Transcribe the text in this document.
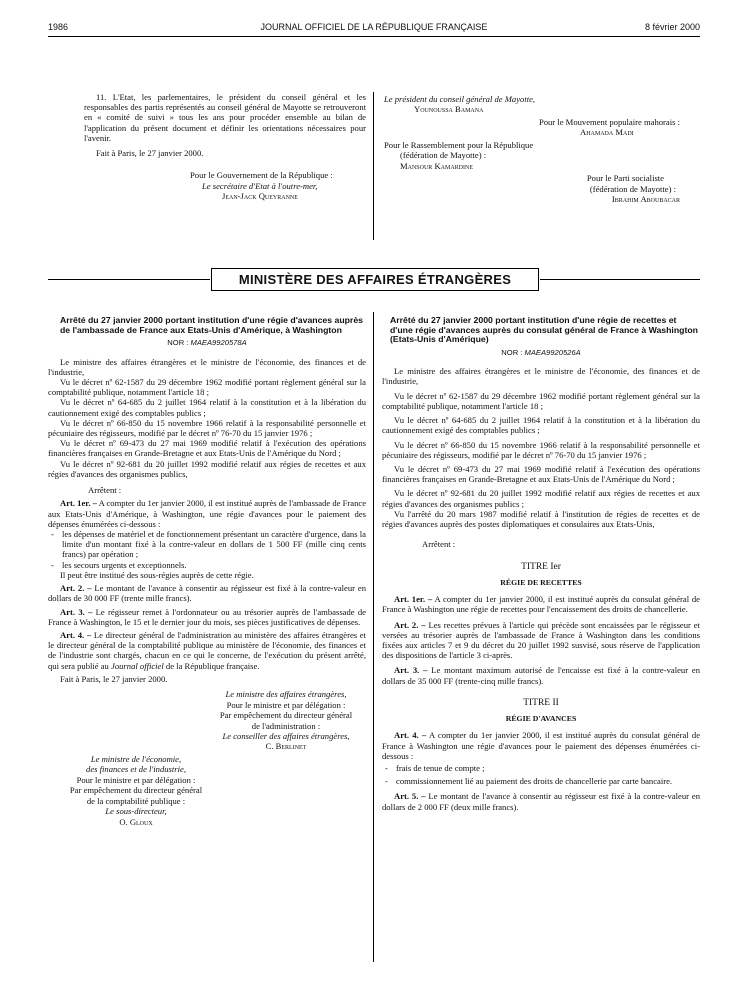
1986	JOURNAL OFFICIEL DE LA RÉPUBLIQUE FRANÇAISE	8 février 2000

11. L'Etat, les parlementaires, le président du conseil général et les responsables des partis représentés au conseil général de Mayotte se retrouveront en « comité de suivi » tous les ans pour procéder ensemble au bilan de l'application du présent document et définir les orientations nécessaires pour l'avenir.

Fait à Paris, le 27 janvier 2000.

Pour le Gouvernement de la République :
Le secrétaire d'Etat à l'outre-mer,
Jean-Jack Queyranne
Le président du conseil général de Mayotte,
Younoussa Bamana
Pour le Mouvement populaire mahorais :
Ahamada Madi
Pour le Rassemblement pour la République
(fédération de Mayotte) :
Mansour Kamardine
Pour le Parti socialiste
(fédération de Mayotte) :
Ibrahim Aboubacar
MINISTÈRE DES AFFAIRES ÉTRANGÈRES
Arrêté du 27 janvier 2000 portant institution d'une régie d'avances auprès de l'ambassade de France aux Etats-Unis d'Amérique, à Washington
NOR : MAEA9920578A

Le ministre des affaires étrangères et le ministre de l'économie, des finances et de l'industrie,

Vu le décret nº 62-1587 du 29 décembre 1962 modifié portant règlement général sur la comptabilité publique, notamment l'article 18 ;

Vu le décret nº 64-685 du 2 juillet 1964 relatif à la constitution et à la libération du cautionnement exigé des comptables publics ;

Vu le décret nº 66-850 du 15 novembre 1966 relatif à la responsabilité personnelle et pécuniaire des régisseurs, modifié par le décret nº 76-70 du 15 janvier 1976 ;

Vu le décret nº 69-473 du 27 mai 1969 modifié relatif à l'exécution des opérations financières françaises en Grande-Bretagne et aux Etats-Unis de l'Amérique du Nord ;

Vu le décret nº 92-681 du 20 juillet 1992 modifié relatif aux régies de recettes et aux régies d'avances des organismes publics,

Arrêtent :

Art. 1er. – A compter du 1er janvier 2000, il est institué auprès de l'ambassade de France aux Etats-Unis d'Amérique, à Washington, une régie d'avances pour le paiement des dépenses énumérées ci-dessous :

- les dépenses de matériel et de fonctionnement présentant un caractère d'urgence, dans la limite d'un montant fixé à la contre-valeur en dollars de 1 500 FF (mille cinq cents francs) par opération ;
- les secours urgents et exceptionnels.

Il peut être institué des sous-régies auprès de cette régie.

Art. 2. – Le montant de l'avance à consentir au régisseur est fixé à la contre-valeur en dollars de 30 000 FF (trente mille francs).

Art. 3. – Le régisseur remet à l'ordonnateur ou au trésorier auprès de l'ambassade de France à Washington, le 15 et le dernier jour du mois, ses pièces justificatives de dépenses.

Art. 4. – Le directeur général de l'administration au ministère des affaires étrangères et le directeur général de la comptabilité publique au ministère de l'économie, des finances et de l'industrie sont chargés, chacun en ce qui le concerne, de l'exécution du présent arrêté, qui sera publié au Journal officiel de la République française.

Fait à Paris, le 27 janvier 2000.

Le ministre des affaires étrangères,
Pour le ministre et par délégation :
Par empêchement du directeur général
de l'administration :
Le conseiller des affaires étrangères,
C. Berlinet
Le ministre de l'économie,
des finances et de l'industrie,
Pour le ministre et par délégation :
Par empêchement du directeur général
de la comptabilité publique :
Le sous-directeur,
O. Gloux
Arrêté du 27 janvier 2000 portant institution d'une régie de recettes et d'une régie d'avances auprès du consulat général de France à Washington (Etats-Unis d'Amérique)
NOR : MAEA9920526A

Le ministre des affaires étrangères et le ministre de l'économie, des finances et de l'industrie,

Vu le décret nº 62-1587 du 29 décembre 1962 modifié portant règlement général sur la comptabilité publique, notamment l'article 18 ;

Vu le décret nº 64-685 du 2 juillet 1964 relatif à la constitution et à la libération du cautionnement exigé des comptables publics ;

Vu le décret nº 66-850 du 15 novembre 1966 relatif à la responsabilité personnelle et pécuniaire des régisseurs, modifié par le décret nº 76-70 du 15 janvier 1976 ;

Vu le décret nº 69-473 du 27 mai 1969 modifié relatif à l'exécution des opérations financières françaises en Grande-Bretagne et aux Etats-Unis de l'Amérique du Nord ;

Vu le décret nº 92-681 du 20 juillet 1992 modifié relatif aux régies de recettes et aux régies d'avances des organismes publics ;

Vu l'arrêté du 20 mars 1987 modifié relatif à l'institution de régies de recettes et de régies d'avances auprès des postes diplomatiques et consulaires aux Etats-Unis,

Arrêtent :

TITRE Ier
RÉGIE DE RECETTES

Art. 1er. – A compter du 1er janvier 2000, il est institué auprès du consulat général de France à Washington une régie de recettes pour l'encaissement des droits de chancellerie.

Art. 2. – Les recettes prévues à l'article qui précède sont encaissées par le régisseur et versées au trésorier auprès de l'ambassade de France à Washington dans les conditions fixées aux articles 7 et 9 du décret du 20 juillet 1992 susvisé, sous réserve de l'application des dispositions de l'article 3 ci-après.

Art. 3. – Le montant maximum autorisé de l'encaisse est fixé à la contre-valeur en dollars de 35 000 FF (trente-cinq mille francs).

TITRE II
RÉGIE D'AVANCES

Art. 4. – A compter du 1er janvier 2000, il est institué auprès du consulat général de France à Washington une régie d'avances pour le paiement des dépenses énumérées ci-dessous :

- frais de tenue de compte ;
- commissionnement lié au paiement des droits de chancellerie par carte bancaire.

Art. 5. – Le montant de l'avance à consentir au régisseur est fixé à la contre-valeur en dollars de 2 000 FF (deux mille francs).
